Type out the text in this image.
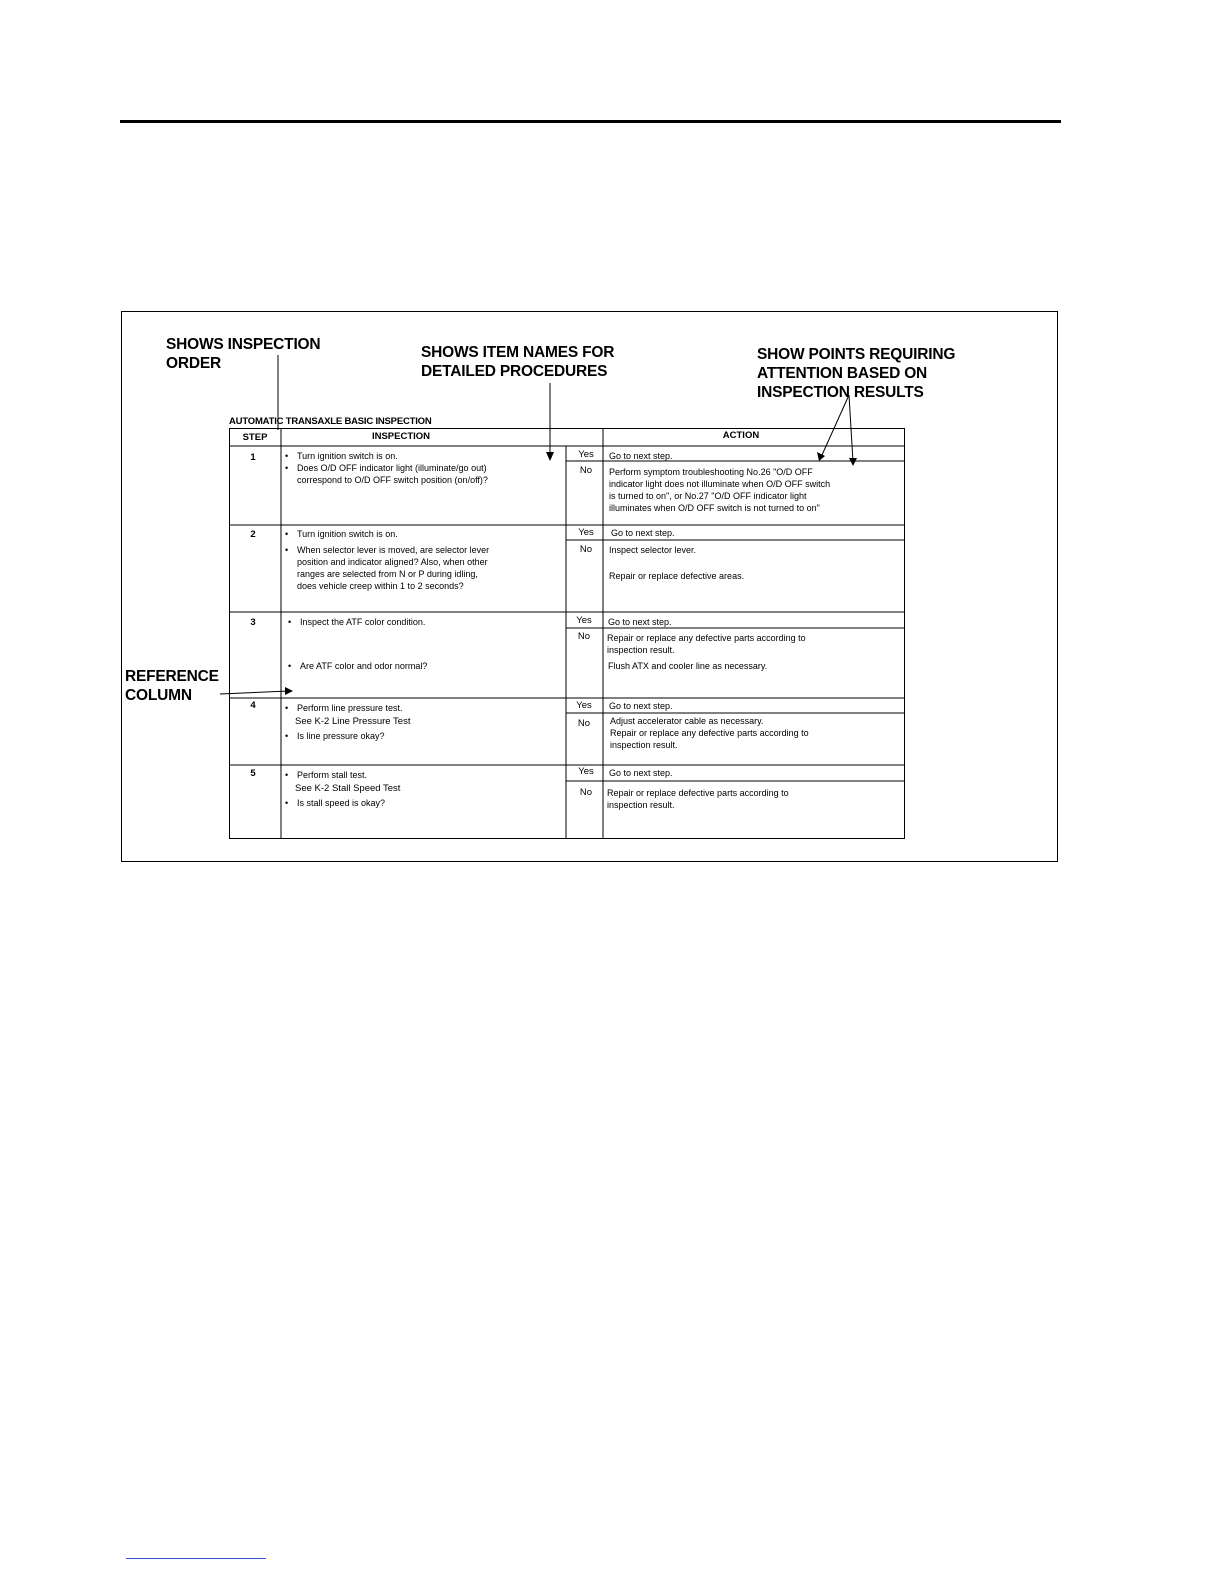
SHOWS INSPECTION
ORDER
SHOWS ITEM NAMES FOR
DETAILED PROCEDURES
SHOW POINTS REQUIRING
ATTENTION BASED ON
INSPECTION RESULTS
REFERENCE
COLUMN
AUTOMATIC TRANSAXLE BASIC INSPECTION
STEP	INSPECTION	ACTION
1	• Turn ignition switch is on.
• Does O/D OFF indicator light (illuminate/go out)
correspond to O/D OFF switch position (on/off)?
Yes	Go to next step.
No	Perform symptom troubleshooting No.26 "O/D OFF
indicator light does not illuminate when O/D OFF switch
is turned to on", or No.27 "O/D OFF indicator light
illuminates when O/D OFF switch is not turned to on"
2	• Turn ignition switch is on.
• When selector lever is moved, are selector lever
position and indicator aligned? Also, when other
ranges are selected from N or P during idling,
does vehicle creep within 1 to 2 seconds?
Yes	Go to next step.
No	Inspect selector lever.
Repair or replace defective areas.
3	• Inspect the ATF color condition.
• Are ATF color and odor normal?
Yes	Go to next step.
No	Repair or replace any defective parts according to
inspection result.
Flush ATX and cooler line as necessary.
4	• Perform line pressure test.
See K-2 Line Pressure Test
• Is line pressure okay?
Yes	Go to next step.
No	Adjust accelerator cable as necessary.
Repair or replace any defective parts according to
inspection result.
5	• Perform stall test.
See K-2 Stall Speed Test
• Is stall speed is okay?
Yes	Go to next step.
No	Repair or replace defective parts according to
inspection result.
